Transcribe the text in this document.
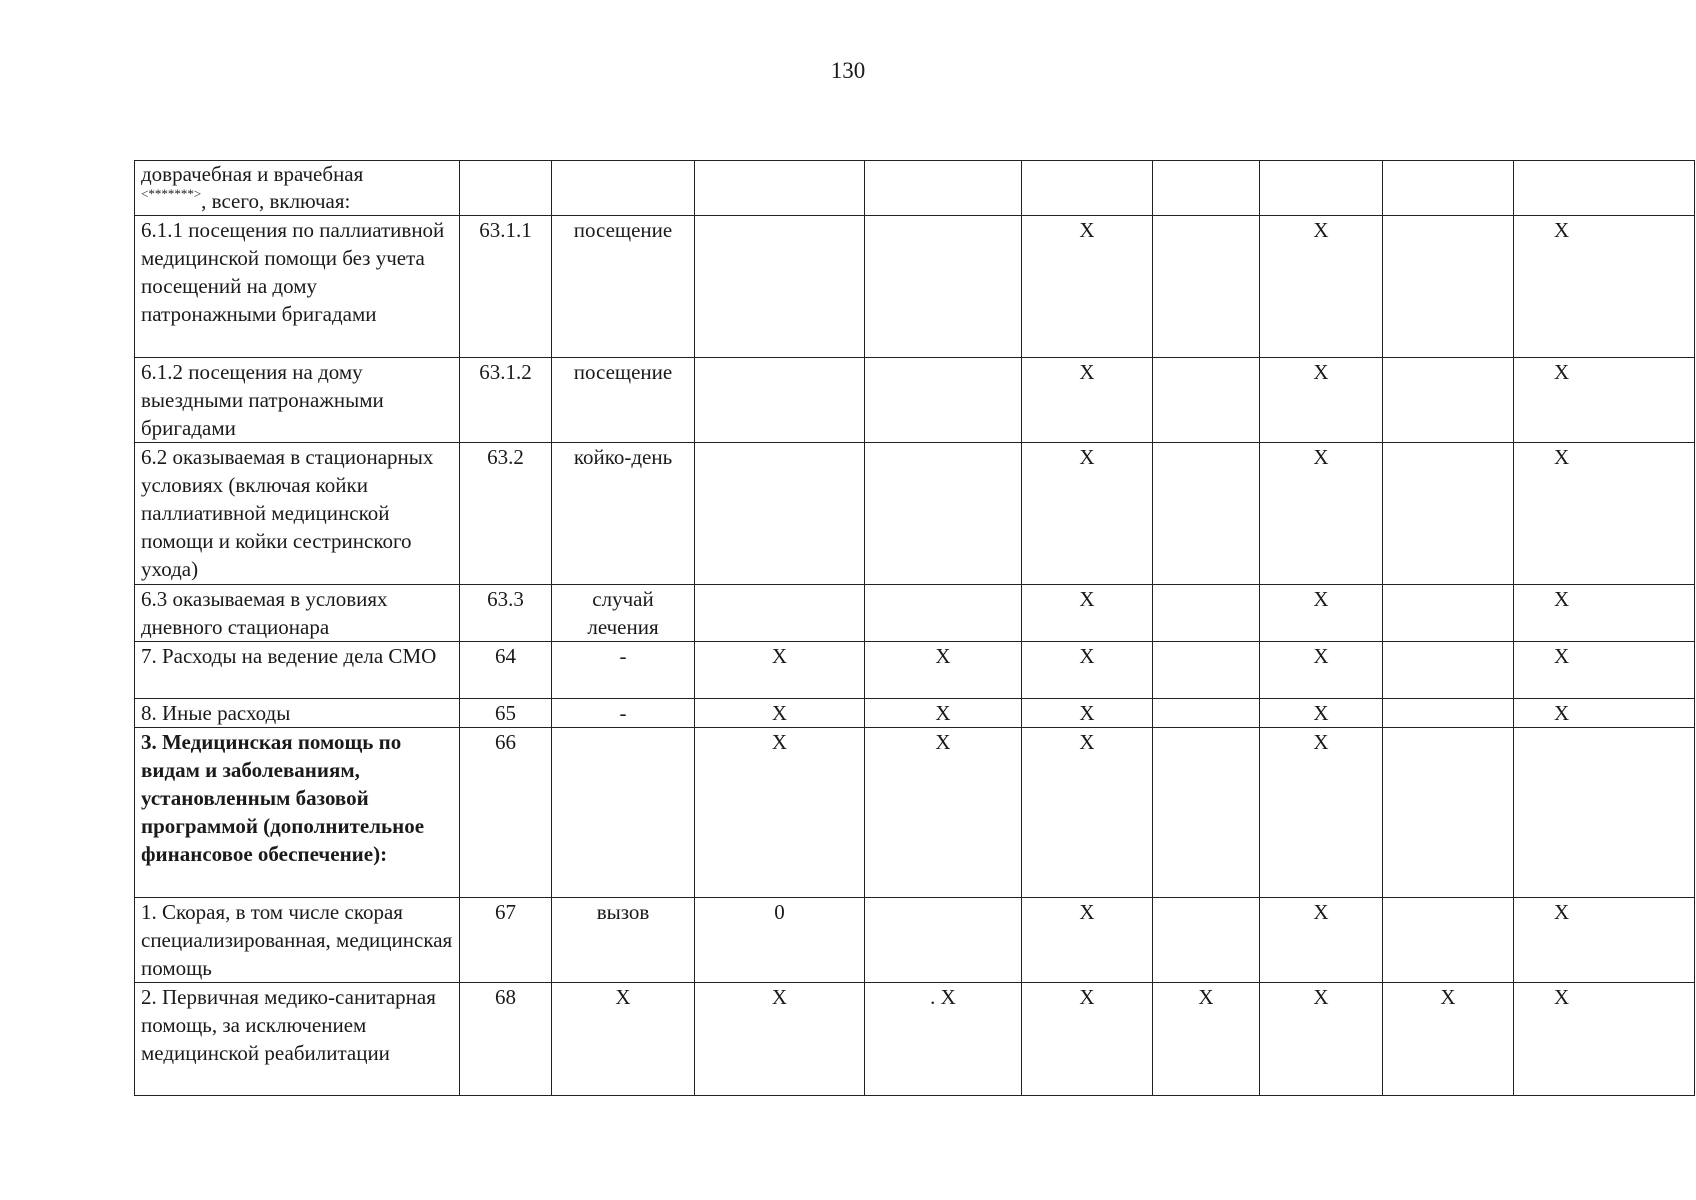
130
доврачебная и врачебная
<*******>, всего, включая:									
6.1.1 посещения по паллиативной медицинской помощи без учета посещений на дому патронажными бригадами	63.1.1	посещение			X		X		X
6.1.2 посещения на дому выездными патронажными бригадами	63.1.2	посещение			X		X		X
6.2 оказываемая в стационарных условиях (включая койки паллиативной медицинской помощи и койки сестринского ухода)	63.2	койко-день			X		X		X
6.3 оказываемая в условиях дневного стационара	63.3	случай лечения			X		X		X
7. Расходы на ведение дела СМО	64	-	X	X	X		X		X
8. Иные расходы	65	-	X	X	X		X		X
3. Медицинская помощь по видам и заболеваниям, установленным базовой программой (дополнительное финансовое обеспечение):	66		X	X	X		X		
1. Скорая, в том числе скорая специализированная, медицинская помощь	67	вызов	0		X		X		X
2. Первичная медико-санитарная помощь, за исключением медицинской реабилитации	68	X	X	. X	X	X	X	X	X
